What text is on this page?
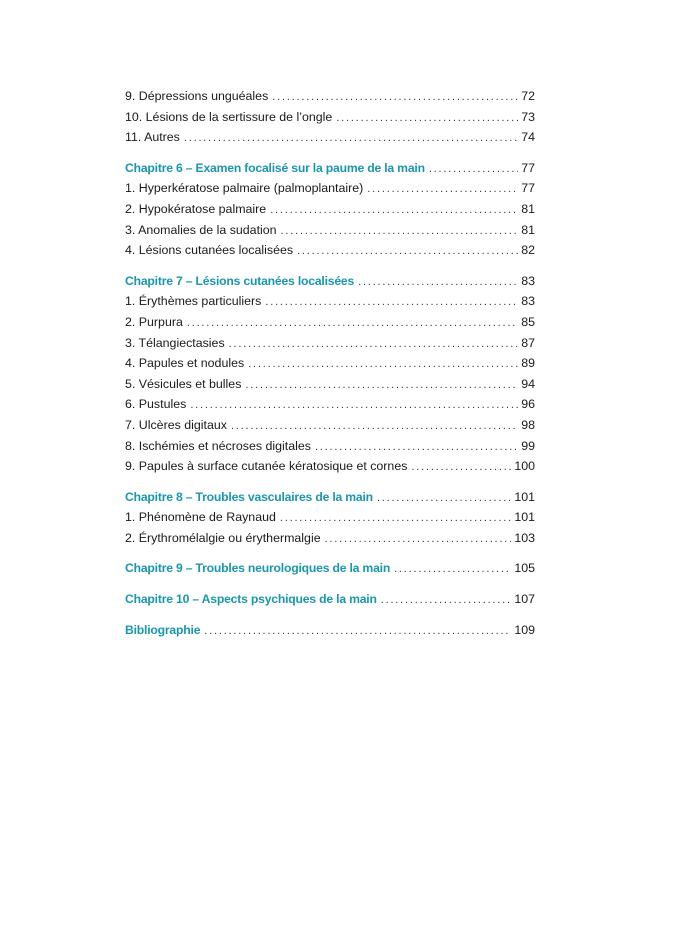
9. Dépressions unguéales .....	72
10. Lésions de la sertissure de l’ongle .....	73
11. Autres .....	74
Chapitre 6 – Examen focalisé sur la paume de la main .....	77
1. Hyperkératose palmaire (palmoplantaire) .....	77
2. Hypokératose palmaire .....	81
3. Anomalies de la sudation .....	81
4. Lésions cutanées localisées .....	82
Chapitre 7 – Lésions cutanées localisées .....	83
1. Érythèmes particuliers .....	83
2. Purpura .....	85
3. Télangiectasies .....	87
4. Papules et nodules .....	89
5. Vésicules et bulles .....	94
6. Pustules .....	96
7. Ulcères digitaux .....	98
8. Ischémies et nécroses digitales .....	99
9. Papules à surface cutanée kératosique et cornes .....	100
Chapitre 8 – Troubles vasculaires de la main .....	101
1. Phénomène de Raynaud .....	101
2. Érythromélalgie ou érythermalgie .....	103
Chapitre 9 – Troubles neurologiques de la main .....	105
Chapitre 10 – Aspects psychiques de la main .....	107
Bibliographie .....	109
